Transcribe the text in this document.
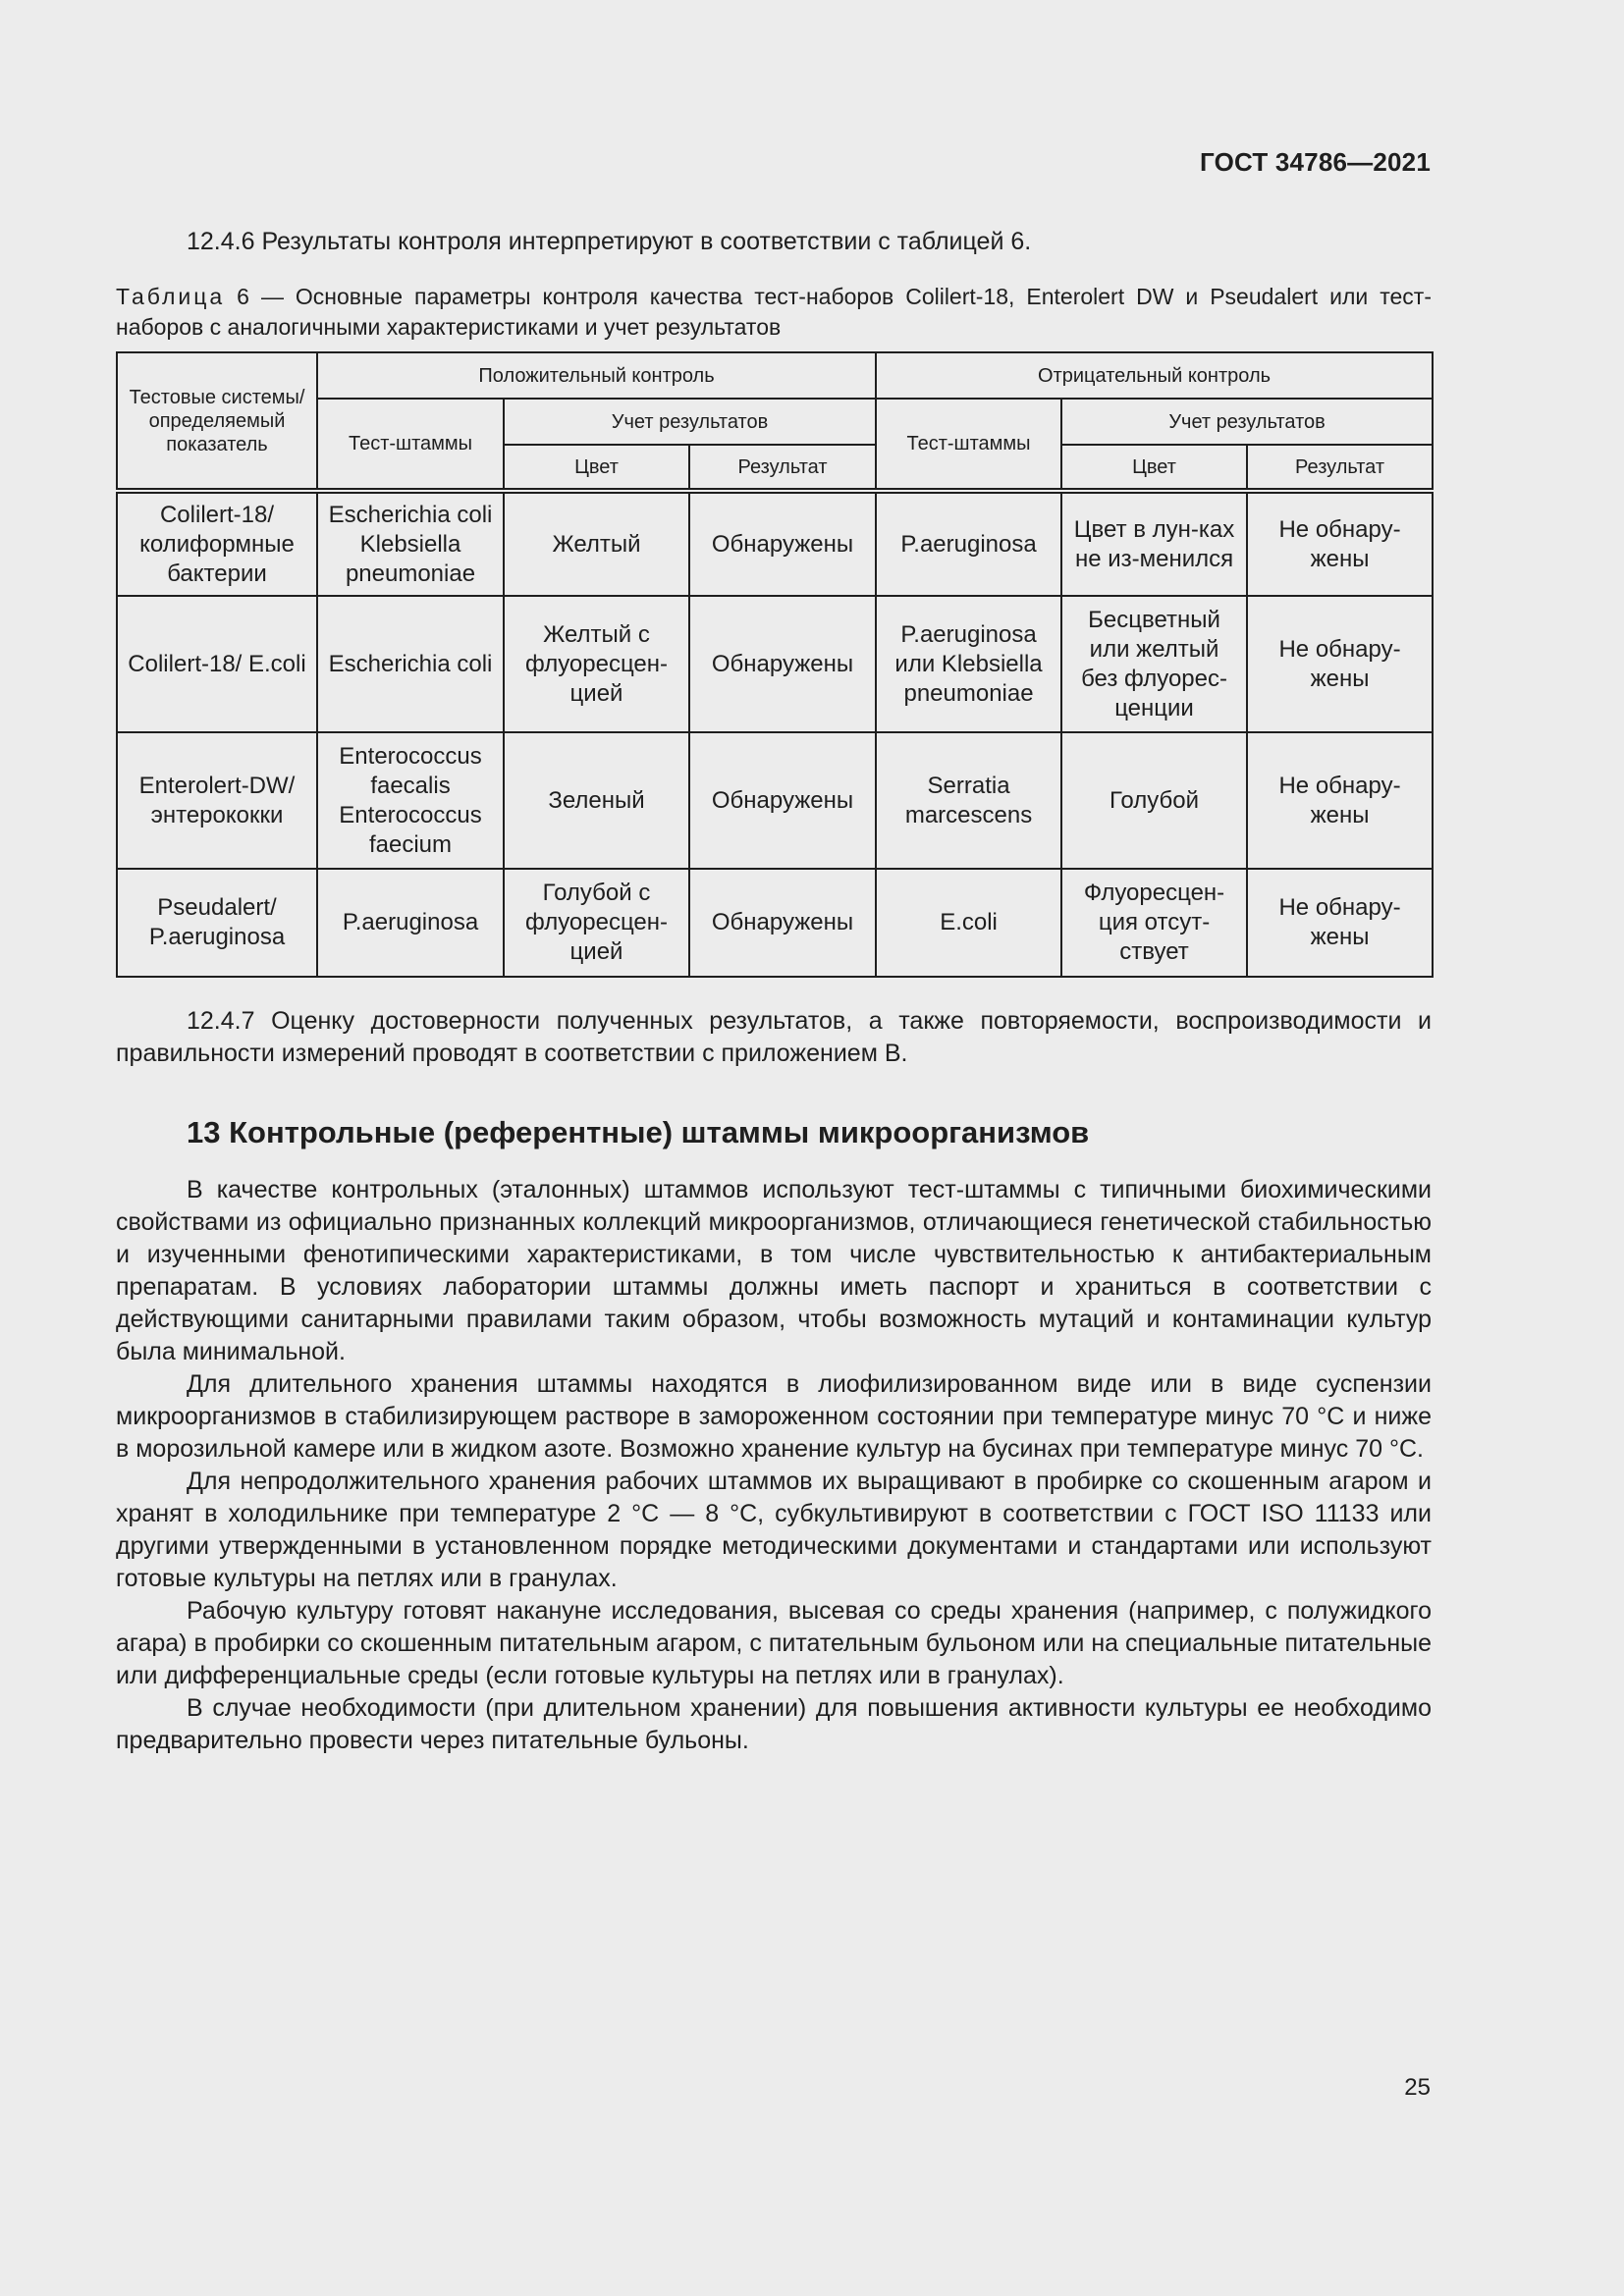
ГОСТ 34786—2021
12.4.6 Результаты контроля интерпретируют в соответствии с таблицей 6.
Таблица 6 — Основные параметры контроля качества тест-наборов Colilert-18, Enterolert DW и Pseudalert или тест-наборов с аналогичными характеристиками и учет результатов
Тестовые системы/ определяемый показатель	Положительный контроль			Отрицательный контроль		
	Тест-штаммы	Учет результатов		Тест-штаммы	Учет результатов	
		Цвет	Результат		Цвет	Результат
Colilert-18/ колиформные бактерии	Escherichia coli Klebsiella pneumoniae	Желтый	Обнаружены	P.aeruginosa	Цвет в лун-ках не из-менился	Не обнару-жены
Colilert-18/ E.coli	Escherichia coli	Желтый с флуоресцен-цией	Обнаружены	P.aeruginosa или Klebsiella pneumoniae	Бесцветный или желтый без флуорес-ценции	Не обнару-жены
Enterolert-DW/ энтерококки	Enterococcus faecalis Enterococcus faecium	Зеленый	Обнаружены	Serratia marcescens	Голубой	Не обнару-жены
Pseudalert/ P.aeruginosa	P.aeruginosa	Голубой с флуоресцен-цией	Обнаружены	E.coli	Флуоресцен-ция отсут-ствует	Не обнару-жены

12.4.7 Оценку достоверности полученных результатов, а также повторяемости, воспроизводимости и правильности измерений проводят в соответствии с приложением В.

13 Контрольные (референтные) штаммы микроорганизмов

В качестве контрольных (эталонных) штаммов используют тест-штаммы с типичными биохимическими свойствами из официально признанных коллекций микроорганизмов, отличающиеся генетической стабильностью и изученными фенотипическими характеристиками, в том числе чувствительностью к антибактериальным препаратам. В условиях лаборатории штаммы должны иметь паспорт и храниться в соответствии с действующими санитарными правилами таким образом, чтобы возможность мутаций и контаминации культур была минимальной.

Для длительного хранения штаммы находятся в лиофилизированном виде или в виде суспензии микроорганизмов в стабилизирующем растворе в замороженном состоянии при температуре минус 70 °С и ниже в морозильной камере или в жидком азоте. Возможно хранение культур на бусинах при температуре минус 70 °С.

Для непродолжительного хранения рабочих штаммов их выращивают в пробирке со скошенным агаром и хранят в холодильнике при температуре 2 °С — 8 °С, субкультивируют в соответствии с ГОСТ ISO 11133 или другими утвержденными в установленном порядке методическими документами и стандартами или используют готовые культуры на петлях или в гранулах.

Рабочую культуру готовят накануне исследования, высевая со среды хранения (например, с полужидкого агара) в пробирки со скошенным питательным агаром, с питательным бульоном или на специальные питательные или дифференциальные среды (если готовые культуры на петлях или в гранулах).

В случае необходимости (при длительном хранении) для повышения активности культуры ее необходимо предварительно провести через питательные бульоны.

25
